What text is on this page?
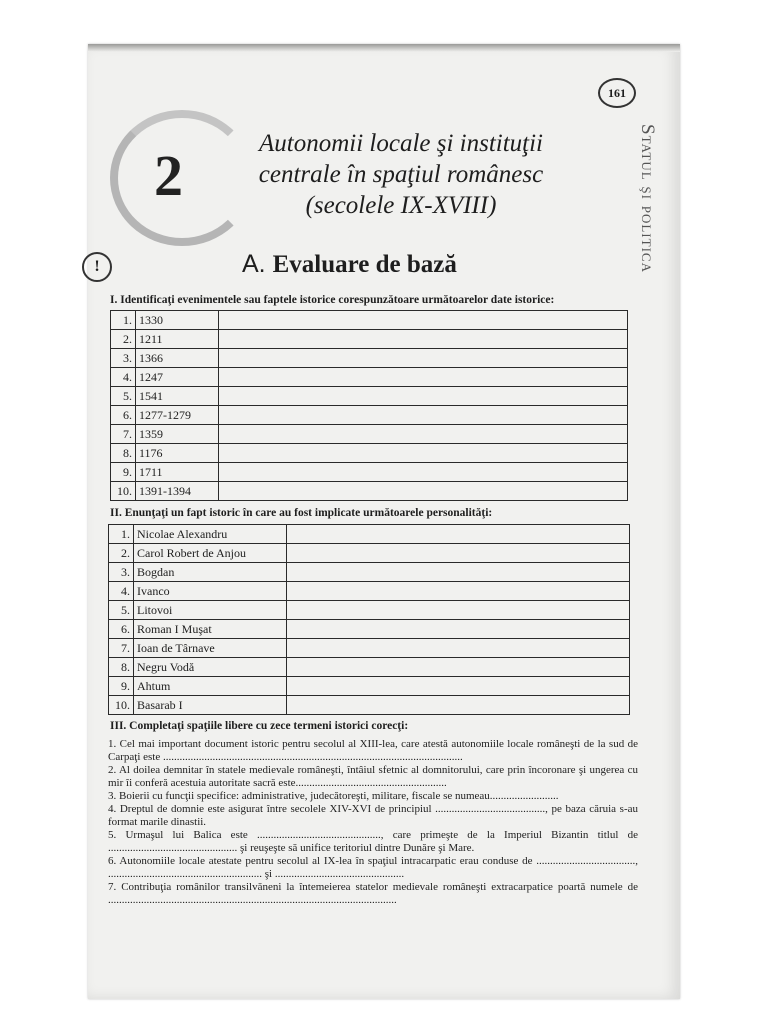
161
Statul şi politica
2	Autonomii locale şi instituţii
centrale în spaţiul românesc
(secolele IX-XVIII)
!	A. Evaluare de bază
I. Identificaţi evenimentele sau faptele istorice corespunzătoare următoarelor date istorice:
1.	1330	
2.	1211	
3.	1366	
4.	1247	
5.	1541	
6.	1277-1279	
7.	1359	
8.	1176	
9.	1711	
10.	1391-1394	
II. Enunţaţi un fapt istoric în care au fost implicate următoarele personalităţi:
1.	Nicolae Alexandru	
2.	Carol Robert de Anjou	
3.	Bogdan	
4.	Ivanco	
5.	Litovoi	
6.	Roman I Muşat	
7.	Ioan de Târnave	
8.	Negru Vodă	
9.	Ahtum	
10.	Basarab I	
III. Completaţi spaţiile libere cu zece termeni istorici corecţi:

1. Cel mai important document istoric pentru secolul al XIII-lea, care atestă autonomiile locale româneşti de la sud de Carpaţi este .............................................................................................................

2. Al doilea demnitar în statele medievale româneşti, întâiul sfetnic al domnitorului, care prin încoronare şi ungerea cu mir îi conferă acestuia autoritate sacră este.......................................................

3. Boierii cu funcţii specifice: administrative, judecătoreşti, militare, fiscale se numeau.........................

4. Dreptul de domnie este asigurat între secolele XIV-XVI de principiul ........................................, pe baza căruia s-au format marile dinastii.

5. Urmaşul lui Balica este ............................................., care primeşte de la Imperiul Bizantin titlul de ............................................... şi reuşeşte să unifice teritoriul dintre Dunăre şi Mare.

6. Autonomiile locale atestate pentru secolul al IX-lea în spaţiul intracarpatic erau conduse de ...................................., ........................................................ şi ...............................................

7. Contribuţia românilor transilvăneni la întemeierea statelor medievale româneşti extracarpatice poartă numele de .........................................................................................................
